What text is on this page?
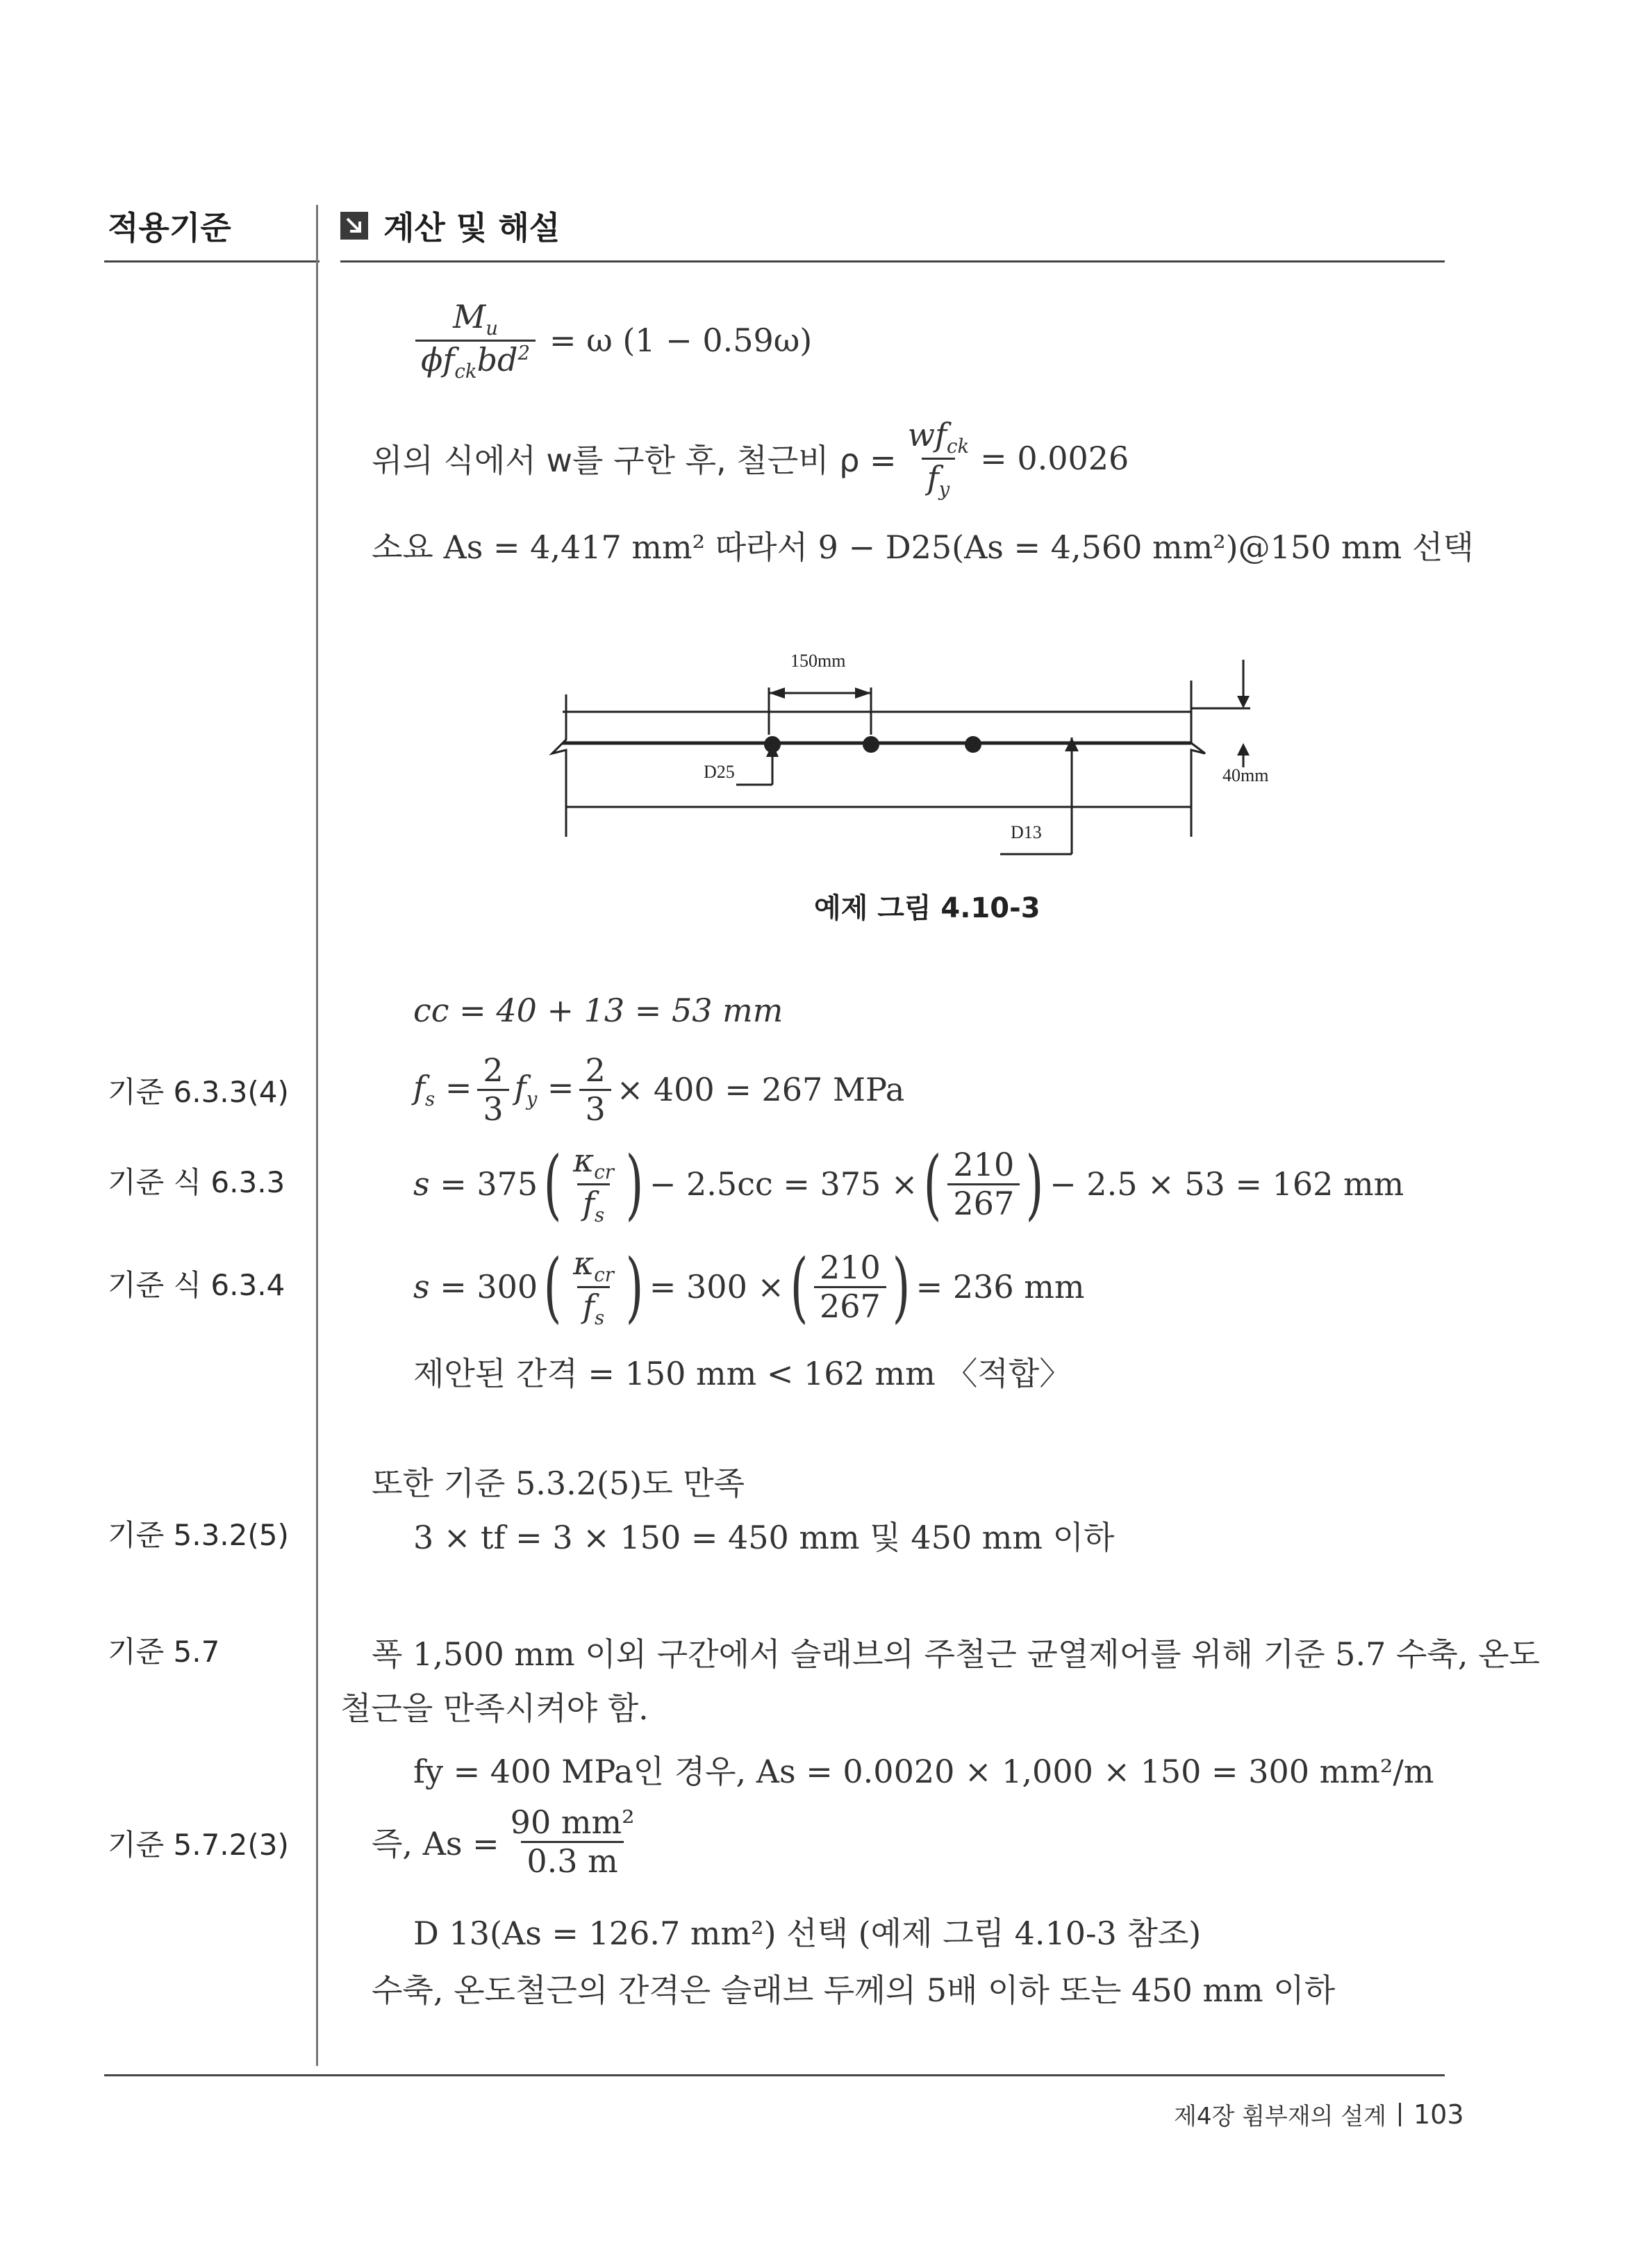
적용기준	계산 및 해설
$\frac{M_u}{\phi f_{ck}bd^2} = \omega$ (1 − 0.59ω)
위의 식에서 w를 구한 후, 철근비 $\rho = \frac{wf_{ck}}{f_y} = 0.0026$
소요 As = 4,417 mm² 따라서 9 − D25(As = 4,560 mm²)@150 mm 선택
150mm
D25
D13
40mm
예제 그림 4.10-3
cc = 40 + 13 = 53 mm
기준 6.3.3(4)
기준 식 6.3.3
기준 식 6.3.4
기준 5.3.2(5)
기준 5.7
기준 5.7.2(3)
$f_s = \frac{2}{3} f_y = \frac{2}{3} \times 400 = 267$ MPa
s = 375 ( $\frac{\kappa_{cr}}{f_s}$ ) − 2.5cc = 375 × ( $\frac{210}{267}$ ) − 2.5 × 53 = 162 mm
s = 300 ( $\frac{\kappa_{cr}}{f_s}$ ) = 300 × ( $\frac{210}{267}$ ) = 236 mm
제안된 간격 = 150 mm < 162 mm 〈적합〉
또한 기준 5.3.2(5)도 만족
3 × tf = 3 × 150 = 450 mm 및 450 mm 이하
폭 1,500 mm 이외 구간에서 슬래브의 주철근 균열제어를 위해 기준 5.7 수축, 온도
철근을 만족시켜야 함.
fy = 400 MPa인 경우, As = 0.0020 × 1,000 × 150 = 300 mm²/m
즉, $As = \frac{\text{90 mm²}}{0.3 m}$
D 13(As = 126.7 mm²) 선택 (예제 그림 4.10-3 참조)
수축, 온도철근의 간격은 슬래브 두께의 5배 이하 또는 450 mm 이하
제4장 휨부재의 설계 103
